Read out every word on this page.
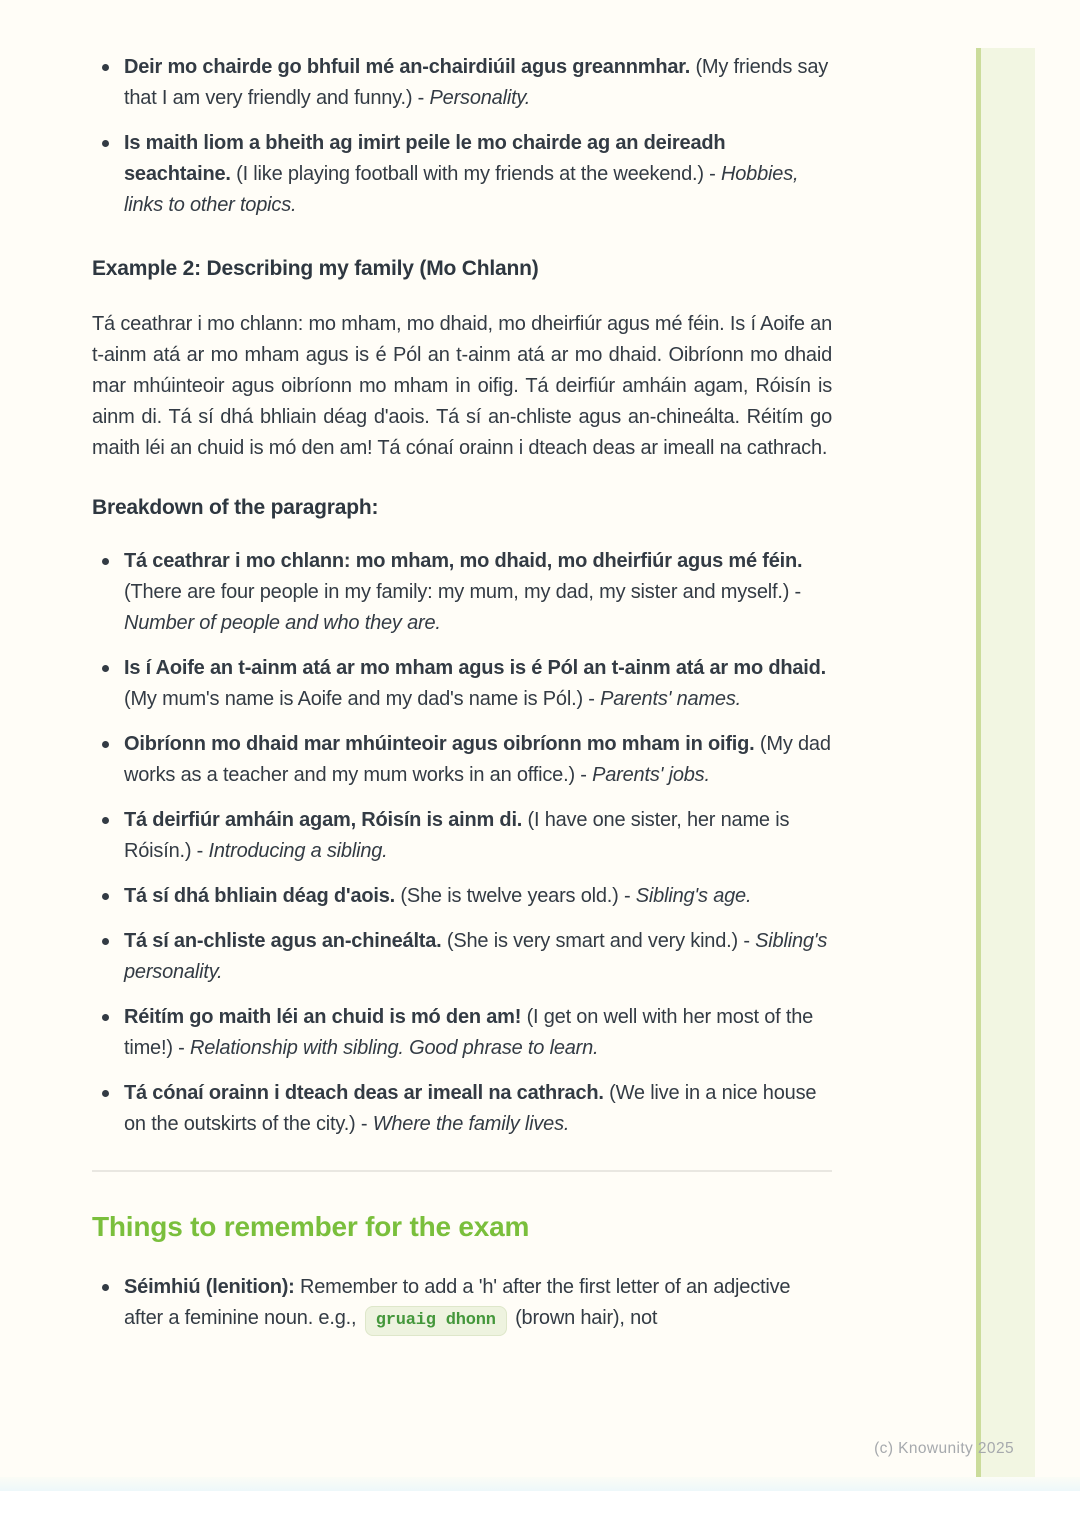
Deir mo chairde go bhfuil mé an-chairdiúil agus greannmhar. (My friends say that I am very friendly and funny.) - Personality.
Is maith liom a bheith ag imirt peile le mo chairde ag an deireadh seachtaine. (I like playing football with my friends at the weekend.) - Hobbies, links to other topics.
Example 2: Describing my family (Mo Chlann)

Tá ceathrar i mo chlann: mo mham, mo dhaid, mo dheirfiúr agus mé féin. Is í Aoife an t-ainm atá ar mo mham agus is é Pól an t-ainm atá ar mo dhaid. Oibríonn mo dhaid mar mhúinteoir agus oibríonn mo mham in oifig. Tá deirfiúr amháin agam, Róisín is ainm di. Tá sí dhá bhliain déag d'aois. Tá sí an-chliste agus an-chineálta. Réitím go maith léi an chuid is mó den am! Tá cónaí orainn i dteach deas ar imeall na cathrach.

Breakdown of the paragraph:
Tá ceathrar i mo chlann: mo mham, mo dhaid, mo dheirfiúr agus mé féin. (There are four people in my family: my mum, my dad, my sister and myself.) - Number of people and who they are.
Is í Aoife an t-ainm atá ar mo mham agus is é Pól an t-ainm atá ar mo dhaid. (My mum's name is Aoife and my dad's name is Pól.) - Parents' names.
Oibríonn mo dhaid mar mhúinteoir agus oibríonn mo mham in oifig. (My dad works as a teacher and my mum works in an office.) - Parents' jobs.
Tá deirfiúr amháin agam, Róisín is ainm di. (I have one sister, her name is Róisín.) - Introducing a sibling.
Tá sí dhá bhliain déag d'aois. (She is twelve years old.) - Sibling's age.
Tá sí an-chliste agus an-chineálta. (She is very smart and very kind.) - Sibling's personality.
Réitím go maith léi an chuid is mó den am! (I get on well with her most of the time!) - Relationship with sibling. Good phrase to learn.
Tá cónaí orainn i dteach deas ar imeall na cathrach. (We live in a nice house on the outskirts of the city.) - Where the family lives.
Things to remember for the exam
Séimhiú (lenition): Remember to add a 'h' after the first letter of an adjective after a feminine noun. e.g., gruaig dhonn (brown hair), not
(c) Knowunity 2025
